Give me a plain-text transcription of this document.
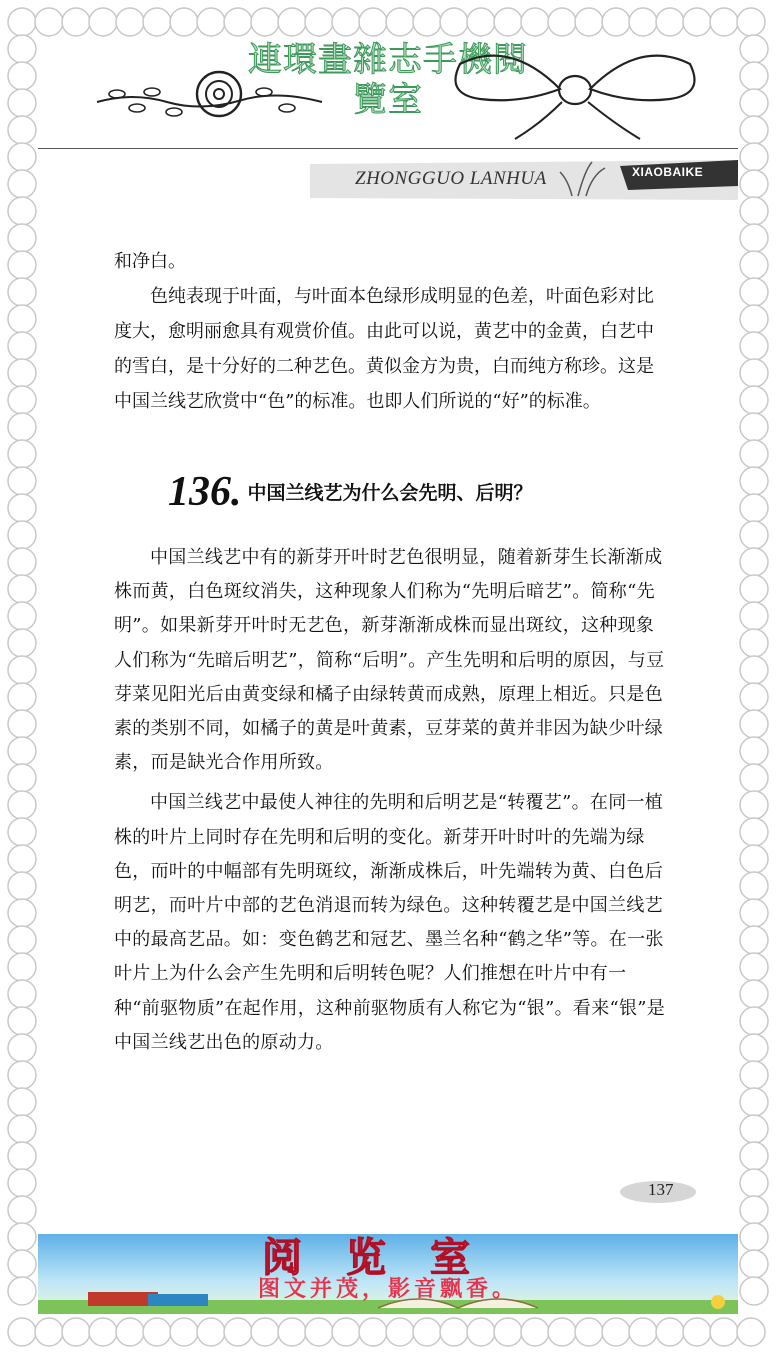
連環畫雜志手機閱
覽室
ZHONGGUO LANHUA	XIAOBAIKE

和净白。

色纯表现于叶面，与叶面本色绿形成明显的色差，叶面色彩对比度大，愈明丽愈具有观赏价值。由此可以说，黄艺中的金黄，白艺中的雪白，是十分好的二种艺色。黄似金方为贵，白而纯方称珍。这是中国兰线艺欣赏中“色”的标准。也即人们所说的“好”的标准。

136. 中国兰线艺为什么会先明、后明？

中国兰线艺中有的新芽开叶时艺色很明显，随着新芽生长渐渐成株而黄，白色斑纹消失，这种现象人们称为“先明后暗艺”。简称“先明”。如果新芽开叶时无艺色，新芽渐渐成株而显出斑纹，这种现象人们称为“先暗后明艺”，简称“后明”。产生先明和后明的原因，与豆芽菜见阳光后由黄变绿和橘子由绿转黄而成熟，原理上相近。只是色素的类别不同，如橘子的黄是叶黄素，豆芽菜的黄并非因为缺少叶绿素，而是缺光合作用所致。

中国兰线艺中最使人神往的先明和后明艺是“转覆艺”。在同一植株的叶片上同时存在先明和后明的变化。新芽开叶时叶的先端为绿色，而叶的中幅部有先明斑纹，渐渐成株后，叶先端转为黄、白色后明艺，而叶片中部的艺色消退而转为绿色。这种转覆艺是中国兰线艺中的最高艺品。如：变色鹤艺和冠艺、墨兰名种“鹤之华”等。在一张叶片上为什么会产生先明和后明转色呢？人们推想在叶片中有一种“前驱物质”在起作用，这种前驱物质有人称它为“银”。看来“银”是中国兰线艺出色的原动力。

137
阅览室
图文并茂，影音飘香。
